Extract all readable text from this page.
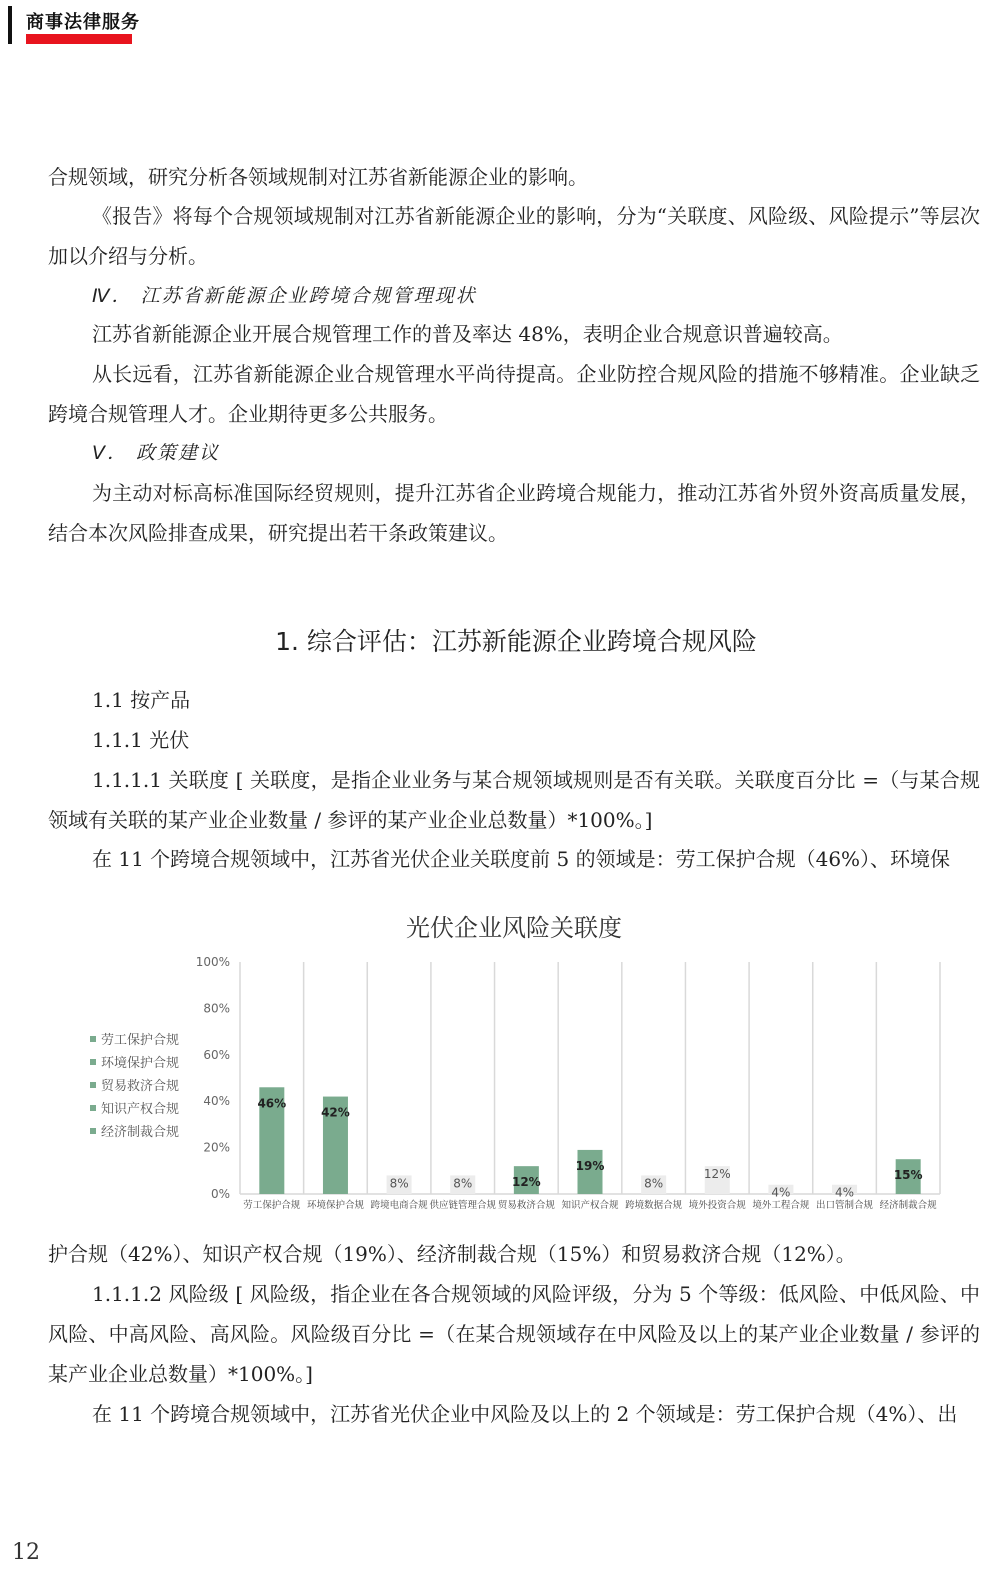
商事法律服务

合规领域，研究分析各领域规制对江苏省新能源企业的影响。

《报告》将每个合规领域规制对江苏省新能源企业的影响，分为“关联度、风险级、风险提示”等层次加以介绍与分析。

Ⅳ． 江苏省新能源企业跨境合规管理现状

江苏省新能源企业开展合规管理工作的普及率达 48%，表明企业合规意识普遍较高。

从长远看，江苏省新能源企业合规管理水平尚待提高。企业防控合规风险的措施不够精准。企业缺乏跨境合规管理人才。企业期待更多公共服务。

Ⅴ． 政策建议

为主动对标高标准国际经贸规则，提升江苏省企业跨境合规能力，推动江苏省外贸外资高质量发展，结合本次风险排查成果，研究提出若干条政策建议。

1. 综合评估：江苏新能源企业跨境合规风险

1.1 按产品

1.1.1 光伏

1.1.1.1 关联度 [ 关联度，是指企业业务与某合规领域规则是否有关联。关联度百分比 =（与某合规领域有关联的某产业企业数量 / 参评的某产业企业总数量）*100%。]

在 11 个跨境合规领域中，江苏省光伏企业关联度前 5 的领域是：劳工保护合规（46%）、环境保

光伏企业风险关联度
劳工保护合规
环境保护合规
贸易救济合规
知识产权合规
经济制裁合规
0%
20%
40%
60%
80%
100%
46%
劳工保护合规
42%
环境保护合规
8%
跨境电商合规
8%
供应链管理合规
12%
贸易救济合规
19%
知识产权合规
8%
跨境数据合规
12%
境外投资合规
4%
境外工程合规
4%
出口管制合规
15%
经济制裁合规

护合规（42%）、知识产权合规（19%）、经济制裁合规（15%）和贸易救济合规（12%）。

1.1.1.2 风险级 [ 风险级，指企业在各合规领域的风险评级，分为 5 个等级：低风险、中低风险、中风险、中高风险、高风险。风险级百分比 =（在某合规领域存在中风险及以上的某产业企业数量 / 参评的某产业企业总数量）*100%。]

在 11 个跨境合规领域中，江苏省光伏企业中风险及以上的 2 个领域是：劳工保护合规（4%）、出

12
